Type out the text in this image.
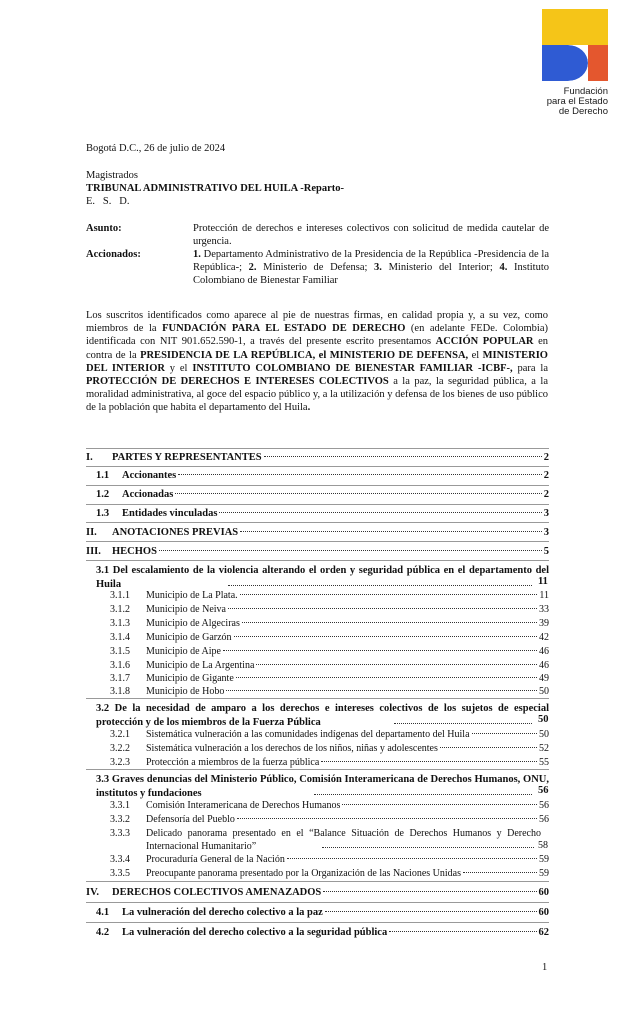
Fundación
para el Estado
de Derecho
Bogotá D.C., 26 de julio de 2024
Magistrados
TRIBUNAL ADMINISTRATIVO DEL HUILA -Reparto-
E.   S.   D.
Asunto:	Protección de derechos e intereses colectivos con solicitud de medida cautelar de urgencia.
Accionados:	1. Departamento Administrativo de la Presidencia de la República -Presidencia de la República-; 2. Ministerio de Defensa; 3. Ministerio del Interior; 4. Instituto Colombiano de Bienestar Familiar
Los suscritos identificados como aparece al pie de nuestras firmas, en calidad propia y, a su vez, como miembros de la FUNDACIÓN PARA EL ESTADO DE DERECHO (en adelante FEDe. Colombia) identificada con NIT 901.652.590-1, a través del presente escrito presentamos ACCIÓN POPULAR en contra de la PRESIDENCIA DE LA REPÚBLICA, el MINISTERIO DE DEFENSA, el MINISTERIO DEL INTERIOR y el INSTITUTO COLOMBIANO DE BIENESTAR FAMILIAR -ICBF-, para la PROTECCIÓN DE DERECHOS E INTERESES COLECTIVOS a la paz, la seguridad pública, a la moralidad administrativa, al goce del espacio público y, a la utilización y defensa de los bienes de uso público de la población que habita el departamento del Huila.
I.	PARTES Y REPRESENTANTES	2
1.1	Accionantes	2
1.2	Accionadas	2
1.3	Entidades vinculadas	3
II.	ANOTACIONES PREVIAS	3
III.	HECHOS	5
3.1 Del escalamiento de la violencia alterando el orden y seguridad pública en el departamento del Huila	11
3.1.1	Municipio de La Plata.	11
3.1.2	Municipio de Neiva	33
3.1.3	Municipio de Algeciras	39
3.1.4	Municipio de Garzón	42
3.1.5	Municipio de Aipe	46
3.1.6	Municipio de La Argentina	46
3.1.7	Municipio de Gigante	49
3.1.8	Municipio de Hobo	50
3.2 De la necesidad de amparo a los derechos e intereses colectivos de los sujetos de especial protección y de los miembros de la Fuerza Pública	50
3.2.1	Sistemática vulneración a las comunidades indígenas del departamento del Huila	50
3.2.2	Sistemática vulneración a los derechos de los niños, niñas y adolescentes	52
3.2.3	Protección a miembros de la fuerza pública	55
3.3 Graves denuncias del Ministerio Público, Comisión Interamericana de Derechos Humanos, ONU, institutos y fundaciones	56
3.3.1	Comisión Interamericana de Derechos Humanos	56
3.3.2	Defensoría del Pueblo	56
3.3.3 Delicado panorama presentado en el “Balance Situación de Derechos Humanos y Derecho Internacional Humanitario”	58
3.3.4	Procuraduría General de la Nación	59
3.3.5	Preocupante panorama presentado por la Organización de las Naciones Unidas	59
IV.	DERECHOS COLECTIVOS AMENAZADOS	60
4.1	La vulneración del derecho colectivo a la paz	60
4.2	La vulneración del derecho colectivo a la seguridad pública	62
1
